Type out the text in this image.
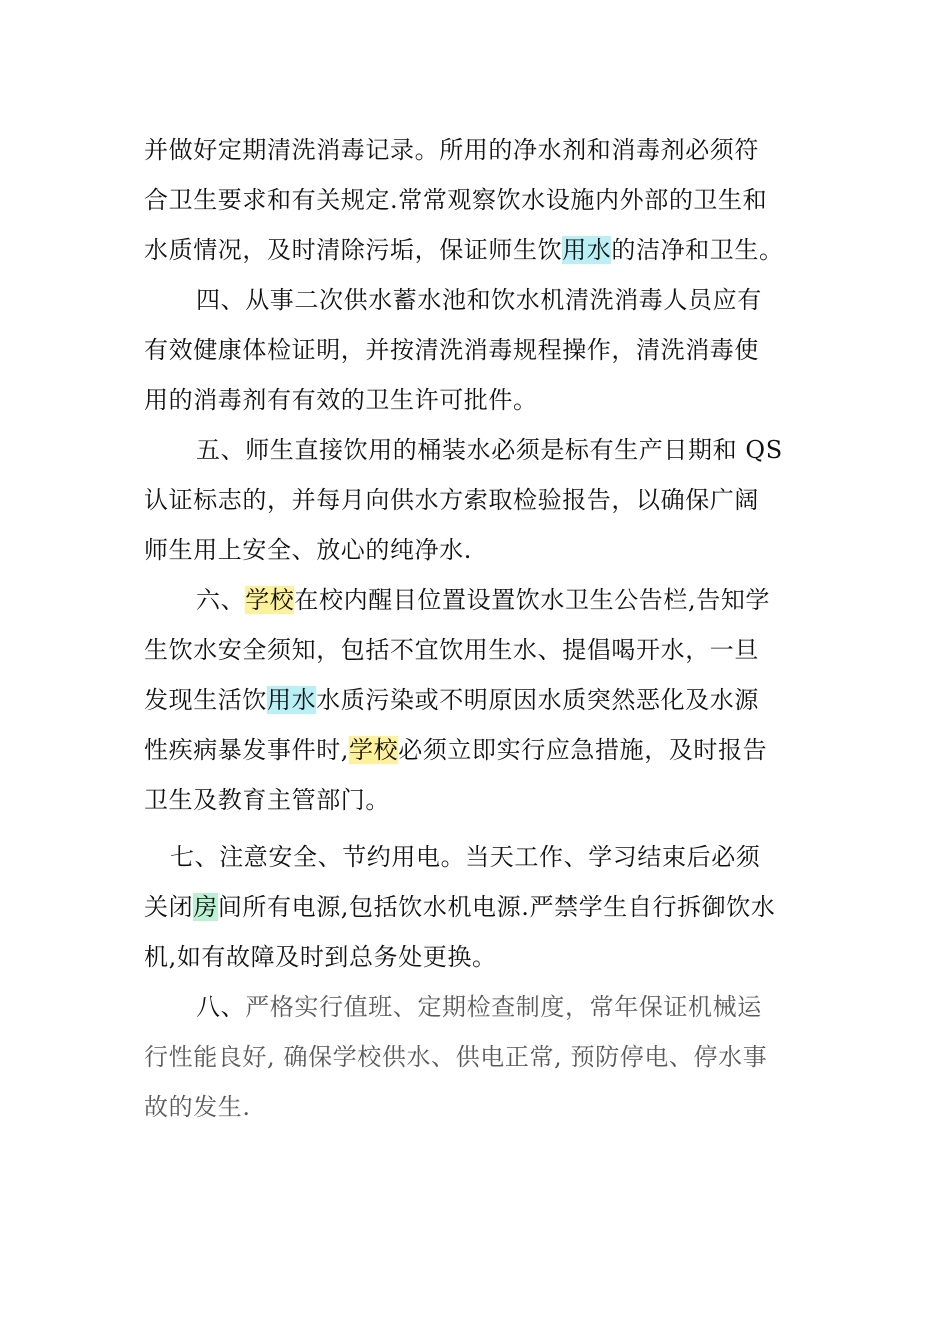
并做好定期清洗消毒记录。所用的净水剂和消毒剂必须符
合卫生要求和有关规定.常常观察饮水设施内外部的卫生和
水质情况，及时清除污垢，保证师生饮用水的洁净和卫生。
四、从事二次供水蓄水池和饮水机清洗消毒人员应有
有效健康体检证明，并按清洗消毒规程操作，清洗消毒使
用的消毒剂有有效的卫生许可批件。
五、师生直接饮用的桶装水必须是标有生产日期和 QS
认证标志的，并每月向供水方索取检验报告，以确保广阔
师生用上安全、放心的纯净水.
六、学校在校内醒目位置设置饮水卫生公告栏,告知学
生饮水安全须知，包括不宜饮用生水、提倡喝开水，一旦
发现生活饮用水水质污染或不明原因水质突然恶化及水源
性疾病暴发事件时,学校必须立即实行应急措施，及时报告
卫生及教育主管部门。
七、注意安全、节约用电。当天工作、学习结束后必须
关闭房间所有电源,包括饮水机电源.严禁学生自行拆御饮水
机,如有故障及时到总务处更换。
八、严格实行值班、定期检查制度，常年保证机械运
行性能良好, 确保学校供水、供电正常, 预防停电、停水事
故的发生.
